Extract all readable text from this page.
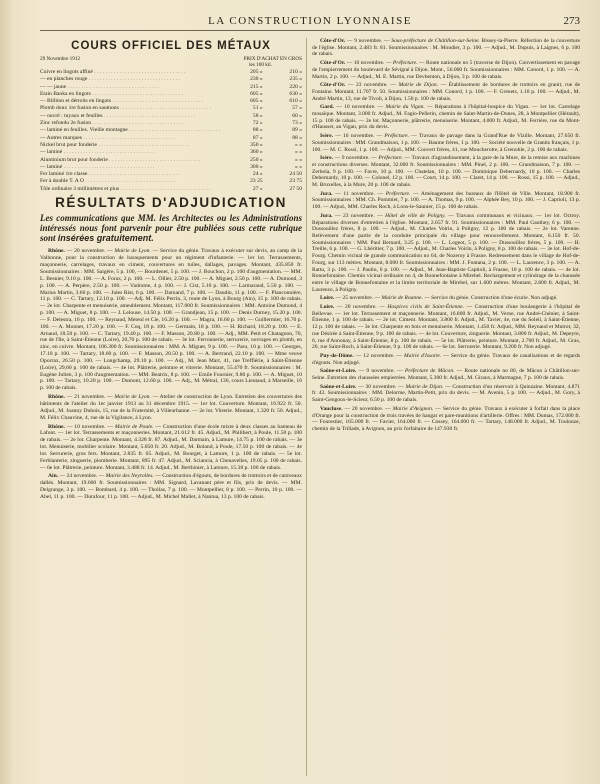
LA CONSTRUCTION LYONNAISE	273
COURS OFFICIEL DES MÉTAUX
29 Novembre 1912	PRIX D'ACHAT EN GROS
les 100 kil.
Cuivre en lingots affiné . . . . . . . . . . . . . . . . . . . . . . . . . . . . . . . . .	205 »	210 »
— en planches rouge . . . . . . . . . . . . . . . . . . . . . . . . . . . . . . . . .	230 »	235 »
— — jaune . . . . . . . . . . . . . . . . . . . . . . . . . . . . . . . . .	215 »	220 »
Etain Banka en lingots . . . . . . . . . . . . . . . . . . . . . . . . . . . . . . . . .	605 »	630 »
— Billiton et détroits en lingots . . . . . . . . . . . . . . . . . . . . . . . . . . . . . . . . .	605 »	610 »
Plomb doux 1re fusion en saumons . . . . . . . . . . . . . . . . . . . . . . . . . . . . . . . . .	51 »	57 »
— ouvré : tuyaux et feuilles . . . . . . . . . . . . . . . . . . . . . . . . . . . . . . . . .	58 »	60 »
Zinc refondu 2e fusion . . . . . . . . . . . . . . . . . . . . . . . . . . . . . . . . .	72 »	73 »
— laminé en feuilles. Vieille montagne . . . . . . . . . . . . . . . . . . . . . . . . . . . . . . . . .	88 »	89 »
— Autres marques . . . . . . . . . . . . . . . . . . . . . . . . . . . . . . . . .	87 »	88 »
Nickel brut pour fonderie . . . . . . . . . . . . . . . . . . . . . . . . . . . . . . . . .	350 »	» »
— laminé . . . . . . . . . . . . . . . . . . . . . . . . . . . . . . . . .	360 »	» »
Aluminium brut pour fonderie . . . . . . . . . . . . . . . . . . . . . . . . . . . . . . . . .	250 »	» »
— laminé . . . . . . . . . . . . . . . . . . . . . . . . . . . . . . . . .	300 »	» »
Fer laminé 1re classe . . . . . . . . . . . . . . . . . . . . . . . . . . . . . . . . .	24 »	24 50
Fer à double T. A O . . . . . . . . . . . . . . . . . . . . . . . . . . . . . . . . .	23 25	23 75
Tôle ordinaire 3 millimètres et plus . . . . . . . . . . . . . . . . . . . . . . . . . . . . . . . . .	27 »	27 50
RÉSULTATS D'ADJUDICATION

Les communications que MM. les Architectes ou les Administrations intéressés nous font parvenir pour être publiées sous cette rubrique sont insérées gratuitement.

Rhône. — 20 novembre. — Mairie de Lyon. — Service du génie. Travaux à exécuter sur devis, au camp de la Valbonne, pour la construction de baraquements pour un régiment d'infanterie. — 1er lot. Terrassements, maçonnerie, carrelages, travaux en ciment, couvertures en tuiles, dallages, pavages. Montant, 435.850 fr. Soumissionnaires : MM. Saigère, 5 p. 100, — Bourdenet, 5 p. 100. — J. Bouchon, 2 p. 100 d'augmentation. — MM. L. Besnier, 9.10 p. 100. — A. Forax, 2 p. 100. — L. Ollier, 2.50 p. 100. — A. Miguet, 2.50 p. 100. — A. Dumond, 3 p. 100. — A. Perpère, 2.50 p. 100. — Vadrome, 4 p. 100. — J. Cist, 5.10 p. 100. — Larmaraud, 5.50 p. 100. — Marius Martin, 3.60 p. 100. — Jules Rist, 6 p. 100. — Darnand, 7 p. 100. — Daudin, 11 p. 100. — F. Planconnière, 11 p. 100. — C. Tartary, 12.10 p. 100. — Adj. M. Félix Perrin, 3, route de Lyon, à Bourg (Ain), 15 p. 100 de rabais. — 2e lot. Charpente et menuiserie, ameublement. Montant, 117.000 fr. Soumissionnaires : MM. Antoine Dumond, 4 p. 100. — A. Miguet, 8 p. 100. — J. Lelouse, 14.50 p. 100. — Grandjean, 15 p. 100. — Denis Durney, 15.20 p. 100. — F. Delestra, 16 p. 100. — Reynaud, Meteul et Cie, 16.20 p. 100. — Magra, 16.60 p. 100. — Guillermier, 16.70 p. 100. — A. Monnet, 17.20 p. 100. — F. Coq, 18 p. 100. — Germain, 18 p. 100. — H. Richard, 18.20 p. 100. — E. Arnaud, 18.50 p. 100. — C. Tartary, 19.40 p. 100. — F. Masson, 20.80 p. 100. — Adj., MM. Petit et Chatagnon, 70, rue de l'Ile, à Saint-Étienne (Loire), 20,70 p. 100 de rabais. — 3e lot. Ferronnerie, serrurerie, ouvrages en plomb, en zinc, en cuivre. Montant, 106.300 fr. Soumissionnaires : MM. A. Miguet, 9 p. 100. — Paru, 10 p. 100. — Georges, 17.10 p. 100. — Tartary, 18.60 p. 100. — F. Masson, 20.50 p. 100. — A. Bertrand, 22.10 p. 100. — Mme veuve Oporrax, 26.50 p. 100. — Longchamp, 29.10 p. 100. — Adj., M. Jean Marr, 41, rue Treffiérie, à Saint-Étienne (Loire), 29,60 p. 100 de rabais. — 4e lot. Plâtrerie, peinture et vitrerie. Montant, 55.470 fr. Soumissionnaires : M. Eugène Julien, 3 p. 100 d'augmentation. — MM. Beatrix, 8 p. 100. — Emile Fournier, 9.80 p. 100. — A. Miguet, 10 p. 100. — Tartary, 10.20 p. 100. — Dumont, 12.60 p. 100. — Adj., M. Métral, 136, cours Lieutaud, à Marseille, 16 p. 100 de rabais.

Rhône. — 21 novembre. — Mairie de Lyon. — Atelier de construction de Lyon. Entretien des couvertures des bâtiments de l'atelier du 1er janvier 1913 au 31 décembre 1915. — 1er lot. Couverture. Montant, 16.922 fr. 50. Adjud., M. Joanny Dubois, 15, rue de la Fraternité, à Villeurbanne. — 2e lot. Vitrerie. Montant, 1.320 fr. 50. Adjud., M. Félix Chauvine, 4, rue de la Vigilance, à Lyon.

Rhône. — 10 novembre. — Mairie de Poule. — Construction d'une école mixte à deux classes au hameau de Lafont. — 1er lot. Terrassements et maçonneries. Montant, 21.612 fr. 45. Adjud., M. Philibert, à Poule, 11.50 p. 100 de rabais. — 2e lot. Charpente. Montant, 4.328 fr. 87. Adjud., M. Darmain, à Lamure, 14.75 p. 100 de rabais. — 3e lot. Menuiserie, mobilier scolaire. Montant, 5.050 fr. 20. Adjud., M. Boland, à Poule, 17.50 p. 100 de rabais. — 4e lot. Serrurerie, gros fers. Montant, 2.835 fr. 05. Adjud., M. Bourget, à Lamure, 1 p. 100 de rabais. — 5e lot. Ferblanterie, zinguerie, plomberie. Montant, 895 fr. 47. Adjud., M. Sciancia, à Chenavelles, 19.05 p. 100 de rabais. — 6e lot. Plâtrerie, peinture. Montant, 3.488 fr. 14. Adjud., M. Berthinier, à Lamure, 15.38 p. 100 de rabais.

Ain. — 24 novembre. — Mairie des Neyrolles. — Construction d'égouts, de bordures de trottoirs et de caniveaux dallés. Montant, 19.600 fr. Soumissionnaires : MM. Signard, Lavanant père et fils, prix de devis. — MM. Delgrange, 3 p. 100. — Bombard, 4 p. 100. — Thollas, 7 p. 100. — Montpellier, 8 p. 100. — Perrin, 10 p. 100. — Abel, 11 p. 100. — Durafour, 11 p. 100. — Adjud., M. Michel Mallet, à Nantua, 13 p. 100 de rabais.

Côte-d'Or. — 9 novembre. — Sous-préfecture de Châtillon-sur-Seine. Bissey-la-Pierre. Réfection de la couverture de l'église. Montant, 2.483 fr. 81. Soumissionnaires : M. Mondier, 3 p. 100. — Adjud., M. Dupuis, à Laignes, 6 p. 100 de rabais.

Côte-d'Or. — 10 novembre. — Préfecture. — Route nationale no 5 (traverse de Dijon). Convertissement en pavage de l'empierrement du boulevard de Sévigné à Dijon. Mont., 56.000 fr. Soumissionnaires : MM. Conord, 1 p. 100. — A. Martin, 2 p. 100. — Adjud., M. E. Martin, rue Devbenton, à Dijon, 3 p. 100 de rabais.

Côte-d'Or. — 23 novembre. — Mairie de Dijon. — Établissement de bordures de trottoirs en granit, rue de Fontaine. Montant, 11.707 fr. 50. Soumissionnaires : MM. Conord, 1 p. 100. — F. Grenets, 1.10 p. 100. — Adjud., M. André Martin, 13, rue de Tivoli, à Dijon, 1.50 p. 100 de rabais.

Gard. — 10 novembre. — Mairie du Vigan. — Réparations à l'hôpital-hospice du Vigan. — 1er lot. Carrelage mosaïque. Montant, 3.000 fr. Adjud., M. Fagio-Pellerin, chemin de Saint-Martin-de-Dunes, 28, à Montpellier (Hérault), 15 p. 100 de rabais. — 2e lot. Maçonnerie, plâtrerie, menuiserie. Montant, 4.000 fr. Adjud., M. Ferrière, rue du Mont-d'Hausset, au Vigan, prix du devis.

Isère. — 16 novembre. — Préfecture. — Travaux de pavage dans la Grand'Rue de Vizille. Montant, 27.650 fr. Soumissionnaires : MM. Grandmaison, 1 p. 100. — Baume frères, 1 p. 100. — Société nouvelle de Granits français, 1 p. 100. — M. C. Rossi, 1 p. 100. — Adjud., MM. Couvert frères, 41, rue Moucherotte, à Grenoble, 2 p. 100 de rabais.

Isère. — 9 novembre. — Préfecture. — Travaux d'agrandissement, à la gare de la Mure, de la remise aux machines et constructions diverses. Montant, 32.000 fr. Soumissionnaires : MM. Pinel, 2 p. 100. — Grandmaison, 7 p. 100. — Zerbola, 9 p. 100. — Favre, 10 p. 100. — Chatelan, 10 p. 100. — Dominique Debernardy, 10 p. 100. — Charles Debernardy, 10 p. 100. — Colonel, 12 p. 100. — Court, 14 p. 100. — Claret, 14 p. 100. — Rossi, 15 p. 100. — Adjud., M. Bruxelles, à la Mure, 20 p. 100 de rabais.

Jura. — 11 novembre. — Préfecture. — Aménagement des bureaux de l'Hôtel de Ville. Montant, 18.900 fr. Soumissionnaires : MM. Ch. Pommier, 7 p. 100. — A. Thomas, 9 p. 100. — Alphée Bey, 10 p. 100. — J. Caprioli, 13 p. 100. — Adjud., MM. Charles Roch, à Lons-le-Saunier, 15 p. 100 de rabais.

Jura. — 23 novembre. — Hôtel de ville de Poligny. — Travaux communaux et vicinaux. — 1er lot. Octroy. Réparations diverses d'entretien à l'église. Montant, 2.657 fr. 91. Soumissionnaires : MM. Paul Gauthey, 6 p. 100. — Dussouillez frères, 8 p. 100. — Adjud., M. Charles Voirin, à Poligny, 12 p. 100 de rabais. — 2e lot. Varenne. Relèvement d'une partie de la conduite principale du village pour renouvellement. Montant, 6.150 fr. 50. Soumissionnaires : MM. Paul Bernard, 3.25 p. 100. — L. Logeot, 5 p. 100. — Dussouillez frères, 5 p. 100. — H. Treille, 6 p. 100. — G. Lhéritier, 7 p. 100. — Adjud., M. Charles Voirin, à Poligny, 8 p. 100 de rabais. — 3e lot. Hof-de-Fourg. Chemin vicinal de grande communication no 64, de Nozeroy à Frasne. Redressement dans le village de Hof-de-Fourg, sur 113 mètres. Montant, 8.000 fr. Soumissionnaires : MM. J. Fontana, 2 p. 100. — L. Laurence, 3 p. 100. — A. Rattu, 3 p. 100. — J. Paulin, 6 p. 100. — Adjud., M. Jean-Baptiste Captioli, à Frasne, 10 p. 100 de rabais. — 4e lot. Bonnefontaine. Chemin vicinal ordinaire no 4, de Bonnefontaine à Mirebel. Rechargement et cylindrage de la chaussée entre le village de Bonnefontaine et la limite territoriale de Mirebel, sur 1.600 mètres. Montant, 2.800 fr. Adjud., M. Laurence, à Poligny.

Loire. — 25 novembre. — Mairie de Roanne. — Service du génie. Construction d'une écurie. Non adjugé.

Loire. — 20 novembre. — Hospices civils de Saint-Étienne. — Construction d'une boulangerie à l'hôpital de Bellevue. — 1er lot. Terrassement et maçonnerie. Montant, 16.800 fr. Adjud., M. Verne, rue André-Chénier, à Saint-Étienne, 1 p. 100 de rabais. — 2e lot. Ciment. Montant, 3.800 fr. Adjud., M. Tavier, 4e, rue du Soleil, à Saint-Étienne, 12 p. 100 de rabais. — 3e lot. Charpente en bois et menuiserie. Montant, 1.450 fr. Adjud., MM. Reynaud et Mutrot, 32, rue Désirée à Saint-Étienne, 9 p. 100 de rabais. — 4e lot. Couverture, zinguerie. Montant, 3.800 fr. Adjud., M. Depeyre, 6, rue d'Annonay, à Saint-Étienne, 8 p. 100 de rabais. — 5e lot. Plâtrerie, peinture. Montant, 2.700 fr. Adjud., M. Gras, 20, rue Saint-Roch, à Saint-Étienne, 9 p. 100 de rabais. — 6e lot. Serrurerie. Montant, 9.200 fr. Non adjugé.

Puy-de-Dôme. — 12 novembre. — Mairie d'Issoire. — Service du génie. Travaux de canalisations et de regards d'égouts. Non adjugé.

Saône-et-Loire. — 9 novembre. — Préfecture de Mâcon. — Route nationale no 80, de Mâcon à Châtillon-sur-Seine. Entretien des chaussées empierrées. Montant, 5.300 fr. Adjud., M. Giraux, à Marmagne, 7 p. 100 de rabais.

Saône-et-Loire. — 30 novembre. — Mairie de Dijon. — Construction d'un réservoir à Quinzaine. Montant, 4.871 fr. 43. Soumissionnaires : MM. Delorme, Martin-Petit, prix du devis. — M. Avenin, 5 p. 100. — Adjud., M. Gory, à Saint-Gengoux-le-Scieur, 6.50 p. 100 de rabais.

Vaucluse. — 20 novembre. — Mairie d'Avignon. — Service du génie. Travaux à exécuter à forfait dans la place d'Orange pour la construction de trois travées de hangar et pare-munitions d'artillerie. Offres : MM. Dumas, 172.000 fr. — Fourestier, 165.000 fr. — Favier, 164.000 fr. — Cossey, 164.000 fr. — Tartary, 148.000 fr. Adjud., M. Toulouze, chemin de la Trillade, à Avignon, au prix forfaitaire de 147.930 fr.
